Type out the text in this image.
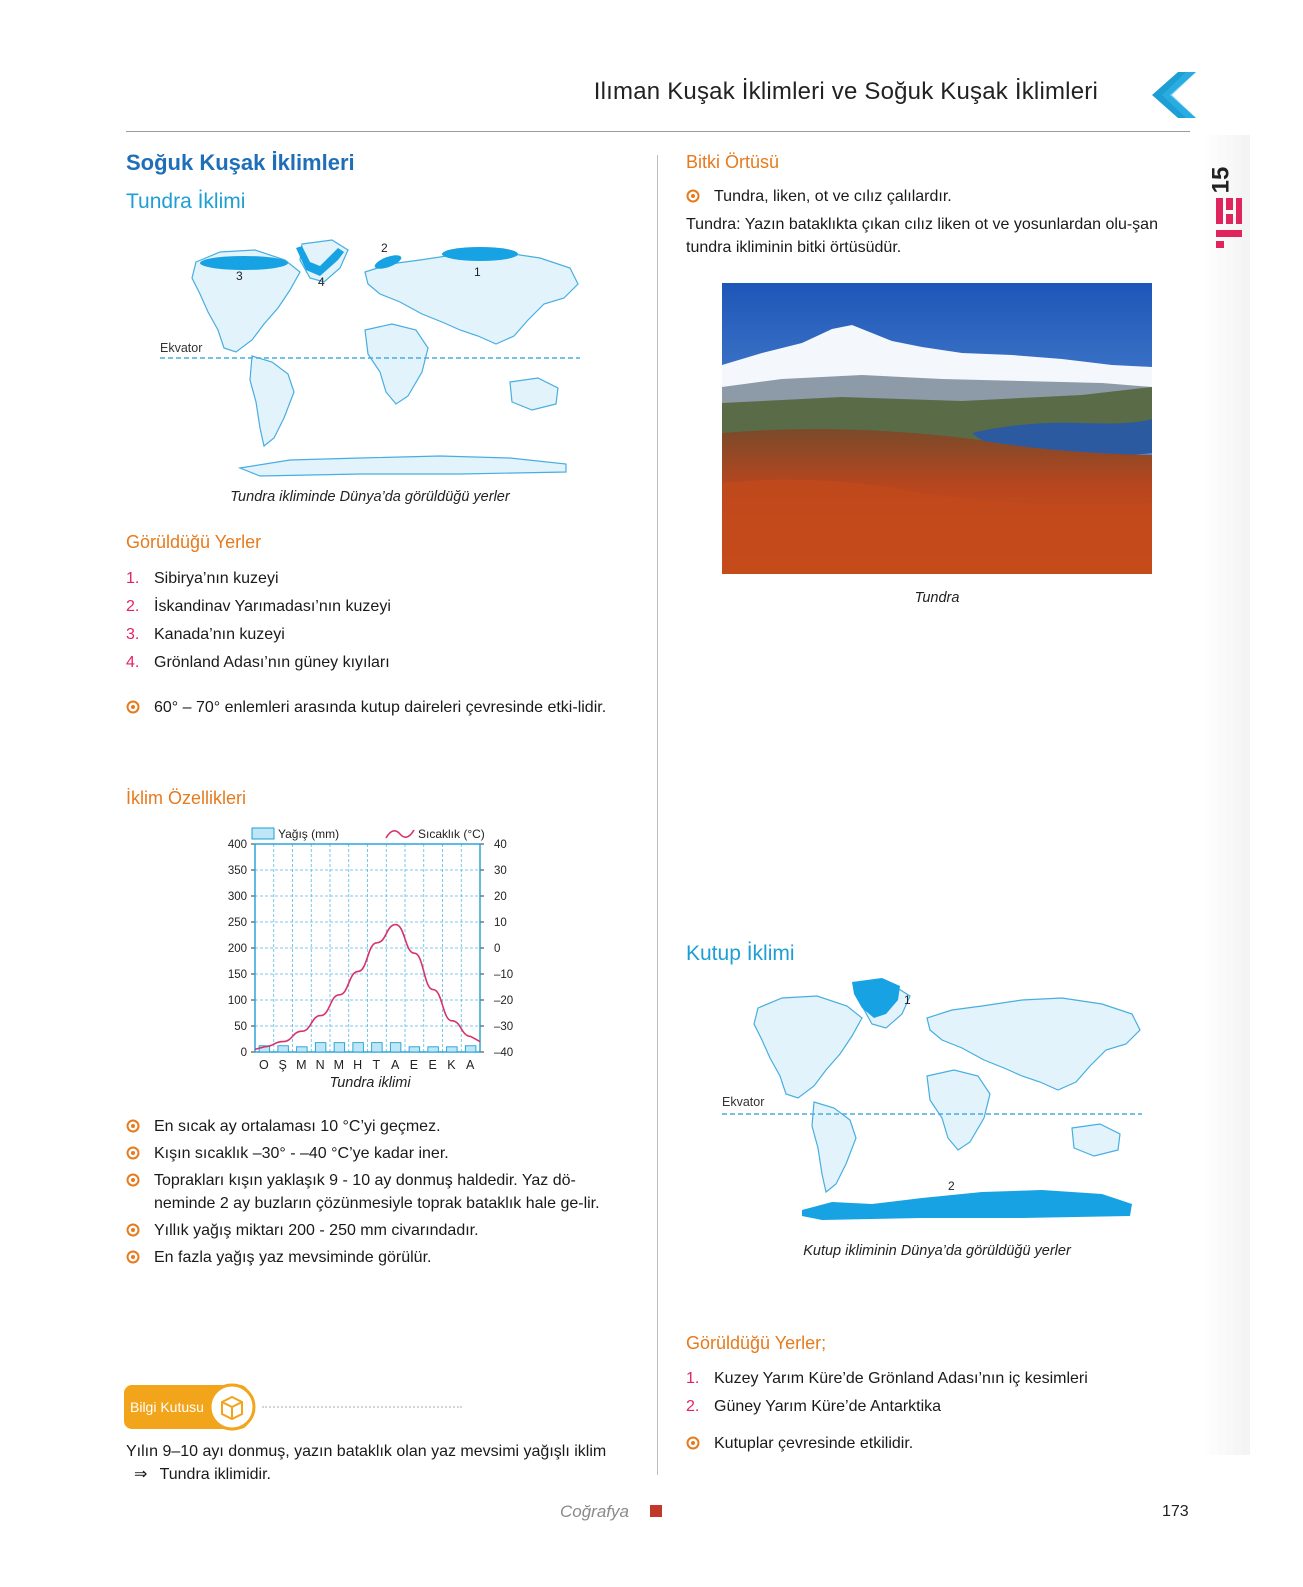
Ilıman Kuşak İklimleri ve Soğuk Kuşak İklimleri
15
Soğuk Kuşak İklimleri
Tundra İklimi
Ekvator
1
2
3	4
Tundra ikliminde Dünya’da görüldüğü yerler
Görüldüğü Yerler
1. Sibirya’nın kuzeyi
2. İskandinav Yarımadası’nın kuzeyi
3. Kanada’nın kuzeyi
4. Grönland Adası’nın güney kıyıları
60° – 70° enlemleri arasında kutup daireleri çevresinde etki-lidir.
İklim Özellikleri
Yağış (mm)	Sıcaklık (°C)
400
350
300
250
200
150
100
50
0
40
30
20
10
0
–10
–20
–30
–40
O Ş M N M H T A E E K A
Tundra iklimi
En sıcak ay ortalaması 10 °C’yi geçmez.
Kışın sıcaklık –30° - –40 °C’ye kadar iner.
Toprakları kışın yaklaşık 9 - 10 ay donmuş haldedir. Yaz dö-neminde 2 ay buzların çözünmesiyle toprak bataklık hale ge-lir.
Yıllık yağış miktarı 200 - 250 mm civarındadır.
En fazla yağış yaz mevsiminde görülür.
Bilgi Kutusu
Yılın 9–10 ayı donmuş, yazın bataklık olan yaz mevsimi yağışlı iklim ⇒ Tundra iklimidir.
Bitki Örtüsü
Tundra, liken, ot ve cılız çalılardır.
Tundra: Yazın bataklıkta çıkan cılız liken ot ve yosunlardan olu-şan tundra ikliminin bitki örtüsüdür.
Tundra
Kutup İklimi
Ekvator
1
2
Kutup ikliminin Dünya’da görüldüğü yerler
Görüldüğü Yerler;
1. Kuzey Yarım Küre’de Grönland Adası’nın iç kesimleri
2. Güney Yarım Küre’de Antarktika
Kutuplar çevresinde etkilidir.
Coğrafya	173
